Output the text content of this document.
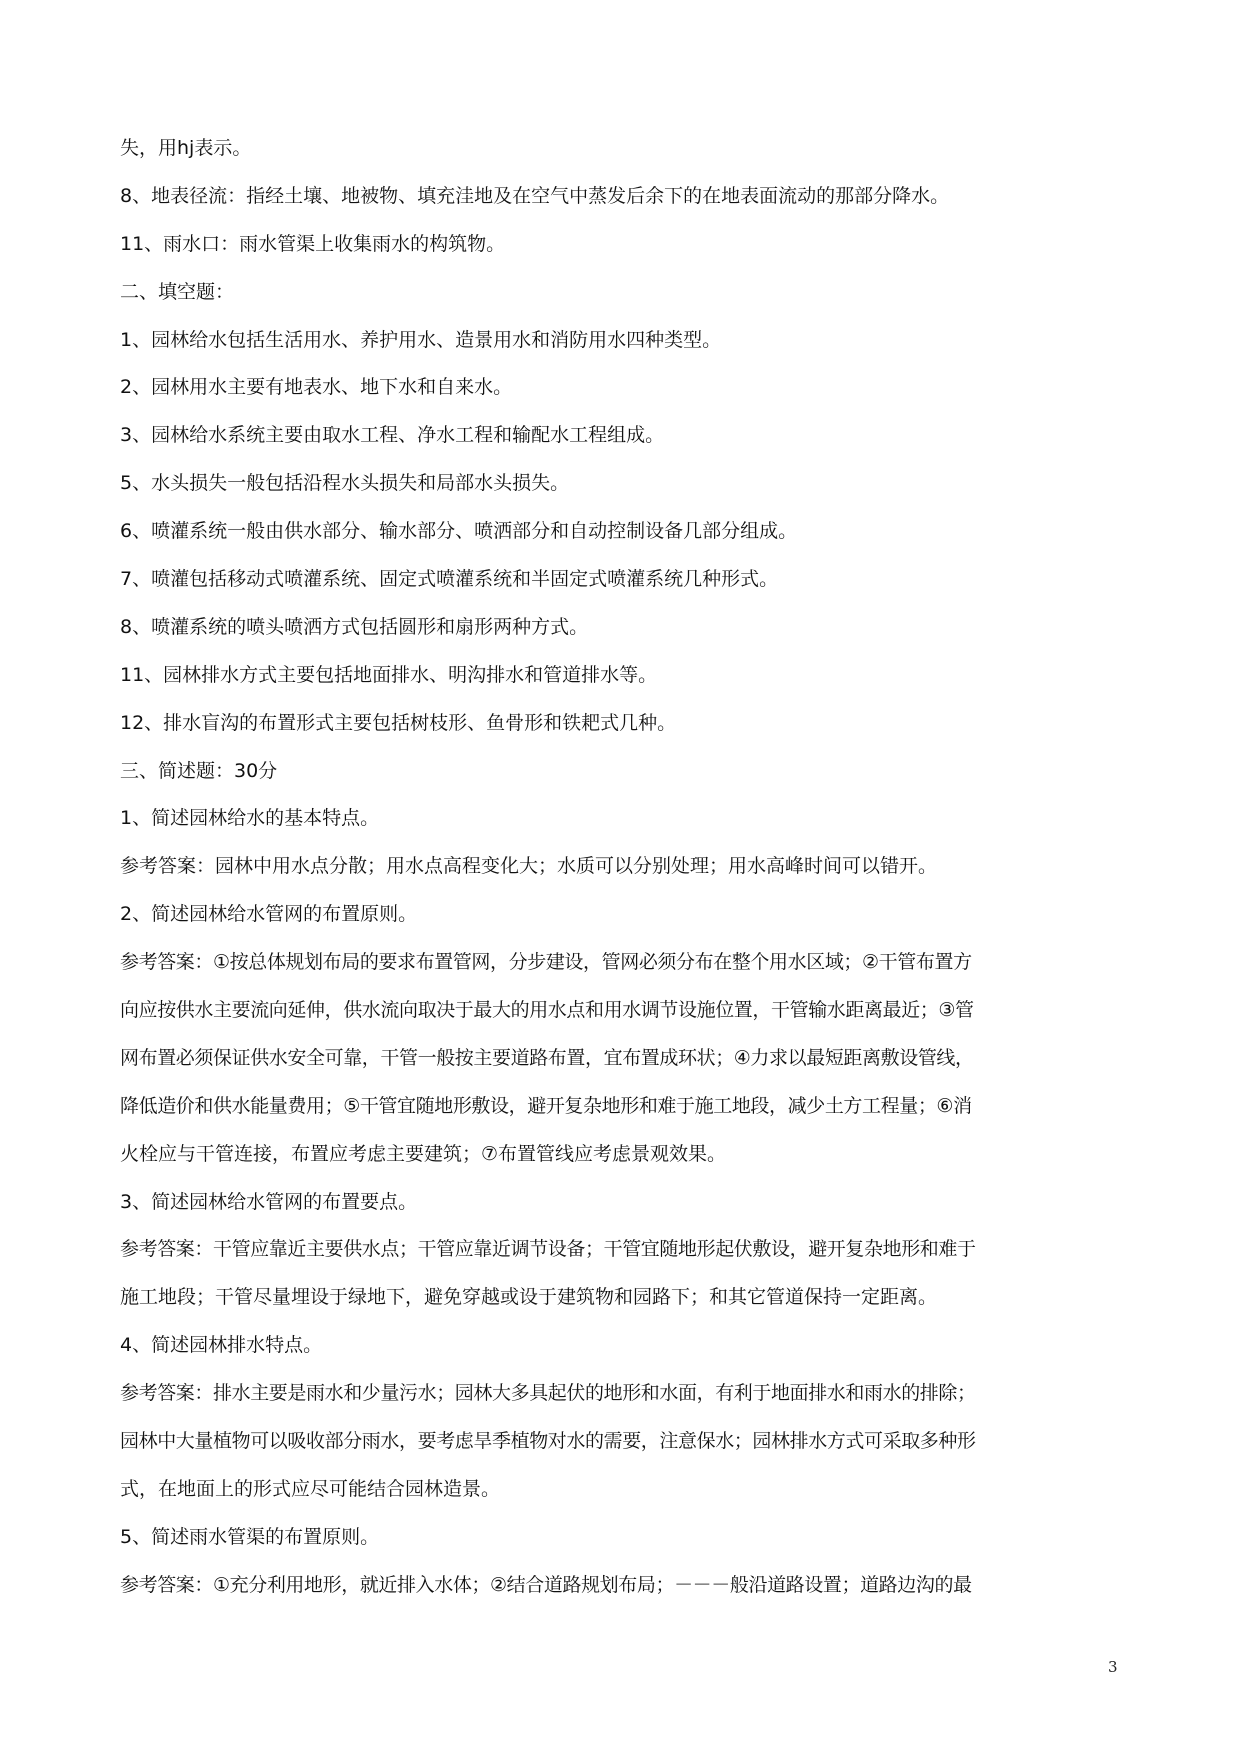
失，用hj表示。
8、地表径流：指经土壤、地被物、填充洼地及在空气中蒸发后余下的在地表面流动的那部分降水。
11、雨水口：雨水管渠上收集雨水的构筑物。
二、填空题：
1、园林给水包括生活用水、养护用水、造景用水和消防用水四种类型。
2、园林用水主要有地表水、地下水和自来水。
3、园林给水系统主要由取水工程、净水工程和输配水工程组成。
5、水头损失一般包括沿程水头损失和局部水头损失。
6、喷灌系统一般由供水部分、输水部分、喷洒部分和自动控制设备几部分组成。
7、喷灌包括移动式喷灌系统、固定式喷灌系统和半固定式喷灌系统几种形式。
8、喷灌系统的喷头喷洒方式包括圆形和扇形两种方式。
11、园林排水方式主要包括地面排水、明沟排水和管道排水等。
12、排水盲沟的布置形式主要包括树枝形、鱼骨形和铁耙式几种。
三、简述题：30分
1、简述园林给水的基本特点。
参考答案：园林中用水点分散；用水点高程变化大；水质可以分别处理；用水高峰时间可以错开。
2、简述园林给水管网的布置原则。
参考答案：①按总体规划布局的要求布置管网，分步建设，管网必须分布在整个用水区域；②干管布置方
向应按供水主要流向延伸，供水流向取决于最大的用水点和用水调节设施位置，干管输水距离最近；③管
网布置必须保证供水安全可靠，干管一般按主要道路布置，宜布置成环状；④力求以最短距离敷设管线，
降低造价和供水能量费用；⑤干管宜随地形敷设，避开复杂地形和难于施工地段，减少土方工程量；⑥消
火栓应与干管连接，布置应考虑主要建筑；⑦布置管线应考虑景观效果。
3、简述园林给水管网的布置要点。
参考答案：干管应靠近主要供水点；干管应靠近调节设备；干管宜随地形起伏敷设，避开复杂地形和难于
施工地段；干管尽量埋设于绿地下，避免穿越或设于建筑物和园路下；和其它管道保持一定距离。
4、简述园林排水特点。
参考答案：排水主要是雨水和少量污水；园林大多具起伏的地形和水面，有利于地面排水和雨水的排除；
园林中大量植物可以吸收部分雨水，要考虑旱季植物对水的需要，注意保水；园林排水方式可采取多种形
式，在地面上的形式应尽可能结合园林造景。
5、简述雨水管渠的布置原则。
参考答案：①充分利用地形，就近排入水体；②结合道路规划布局；－－－般沿道路设置；道路边沟的最
3
